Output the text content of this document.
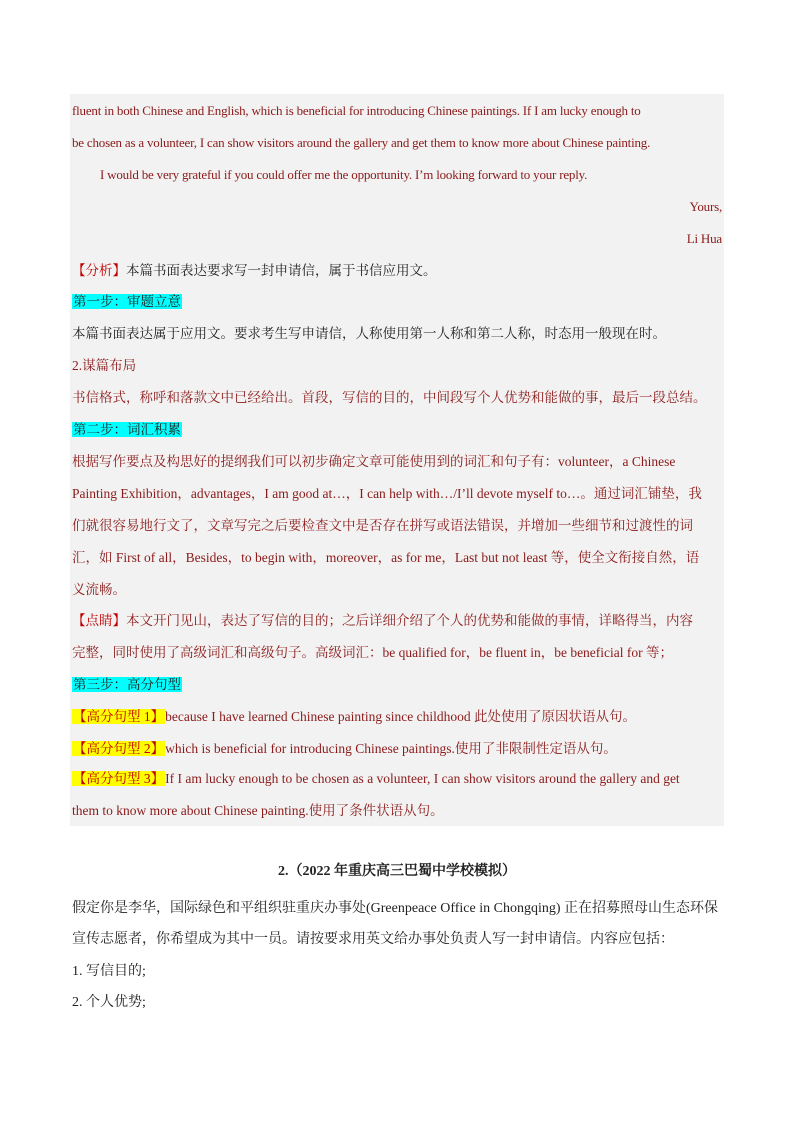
fluent in both Chinese and English, which is beneficial for introducing Chinese paintings. If I am lucky enough to
be chosen as a volunteer, I can show visitors around the gallery and get them to know more about Chinese painting.
I would be very grateful if you could offer me the opportunity. I’m looking forward to your reply.
Yours,
Li Hua
【分析】本篇书面表达要求写一封申请信，属于书信应用文。
第一步：审题立意
本篇书面表达属于应用文。要求考生写申请信，人称使用第一人称和第二人称，时态用一般现在时。
2.谋篇布局
书信格式，称呼和落款文中已经给出。首段，写信的目的，中间段写个人优势和能做的事，最后一段总结。
第二步：词汇积累
根据写作要点及构思好的提纲我们可以初步确定文章可能使用到的词汇和句子有：volunteer，a Chinese
Painting Exhibition，advantages，I am good at…，I can help with…/I’ll devote myself to…。通过词汇铺垫，我
们就很容易地行文了，文章写完之后要检查文中是否存在拼写或语法错误，并增加一些细节和过渡性的词
汇，如 First of all，Besides，to begin with，moreover，as for me，Last but not least 等，使全文衔接自然，语
义流畅。
【点睛】本文开门见山，表达了写信的目的；之后详细介绍了个人的优势和能做的事情，详略得当，内容
完整，同时使用了高级词汇和高级句子。高级词汇：be qualified for，be fluent in，be beneficial for 等；
第三步：高分句型
【高分句型 1】because I have learned Chinese painting since childhood 此处使用了原因状语从句。
【高分句型 2】which is beneficial for introducing Chinese paintings.使用了非限制性定语从句。
【高分句型 3】If I am lucky enough to be chosen as a volunteer, I can show visitors around the gallery and get
them to know more about Chinese painting.使用了条件状语从句。
2.（2022 年重庆高三巴蜀中学校模拟）
假定你是李华，国际绿色和平组织驻重庆办事处(Greenpeace Office in Chongqing) 正在招募照母山生态环保
宣传志愿者，你希望成为其中一员。请按要求用英文给办事处负责人写一封申请信。内容应包括：
1. 写信目的;
2. 个人优势;
